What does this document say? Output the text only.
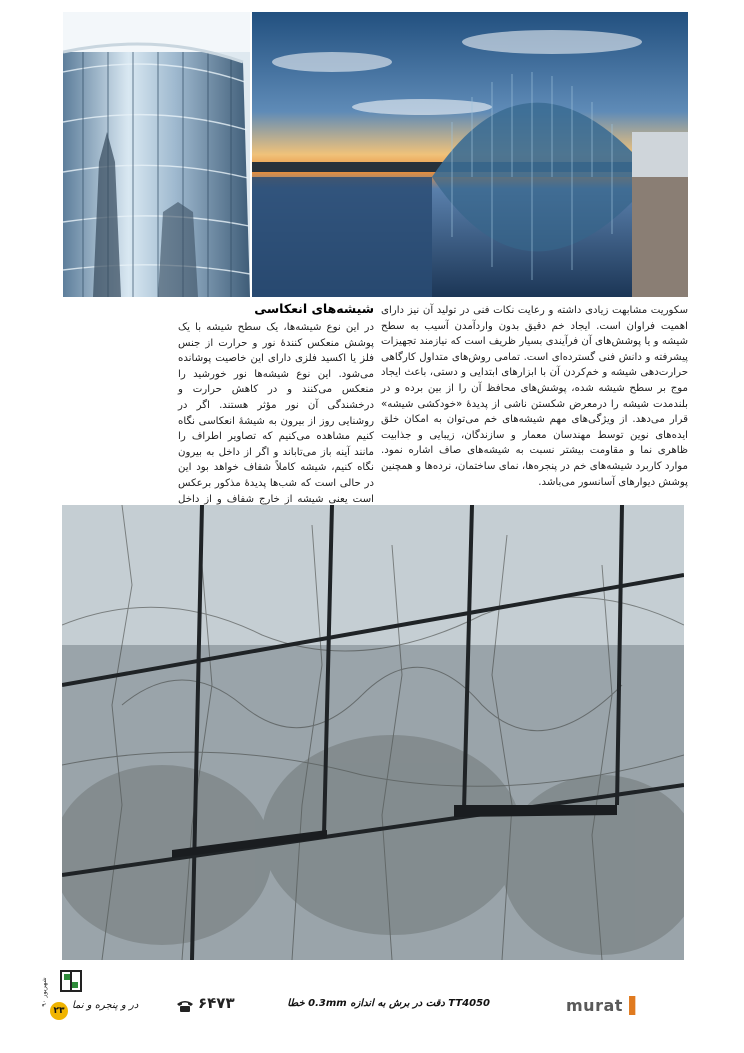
سکوریت مشابهت زیادی داشته و رعایت نکات فنی در تولید آن نیز دارای اهمیت فراوان است. ایجاد خم دقیق بدون واردآمدن آسیب به سطح شیشه و یا پوشش‌های آن فرآیندی بسیار ظریف است که نیازمند تجهیزات پیشرفته و دانش فنی گسترده‌ای است. تمامی روش‌های متداول کارگاهی حرارت‌دهی شیشه و خم‌کردن آن با ابزارهای ابتدایی و دستی، باعث ایجاد موج بر سطح شیشه شده، پوشش‌های محافظ آن را از بین برده و در بلندمدت شیشه را درمعرض شکستن ناشی از پدیدهٔ «خودکشی شیشه» قرار می‌دهد. از ویژگی‌های مهم شیشه‌های خم می‌توان به امکان خلق ایده‌های نوین توسط مهندسان معمار و سازندگان، زیبایی و جذابیت ظاهری نما و مقاومت بیشتر نسبت به شیشه‌های صاف اشاره نمود. موارد کاربرد شیشه‌های خم در پنجره‌ها، نمای ساختمان، نرده‌ها و همچنین پوشش دیوارهای آسانسور می‌باشد.
شیشه‌های انعکاسی
در این نوع شیشه‌ها، یک سطح شیشه با یک پوشش منعکس کنندهٔ نور و حرارت از جنس فلز یا اکسید فلزی دارای این خاصیت پوشانده می‌شود. این نوع شیشه‌ها نور خورشید را منعکس می‌کنند و در کاهش حرارت و درخشندگی آن نور مؤثر هستند. اگر در روشنایی روز از بیرون به شیشهٔ انعکاسی نگاه کنیم مشاهده می‌کنیم که تصاویر اطراف را مانند آینه باز می‌تاباند و اگر از داخل به بیرون نگاه کنیم، شیشه کاملاً شفاف خواهد بود این در حالی است که شب‌ها پدیدهٔ مذکور برعکس است یعنی شیشه از خارج شفاف و از داخل
TT4050 دقت در برش به اندازه 0.3mm خطا
۶۴۷۳	murat▐
در و پنجره و نما
۲۳
شهریور ۹۰
